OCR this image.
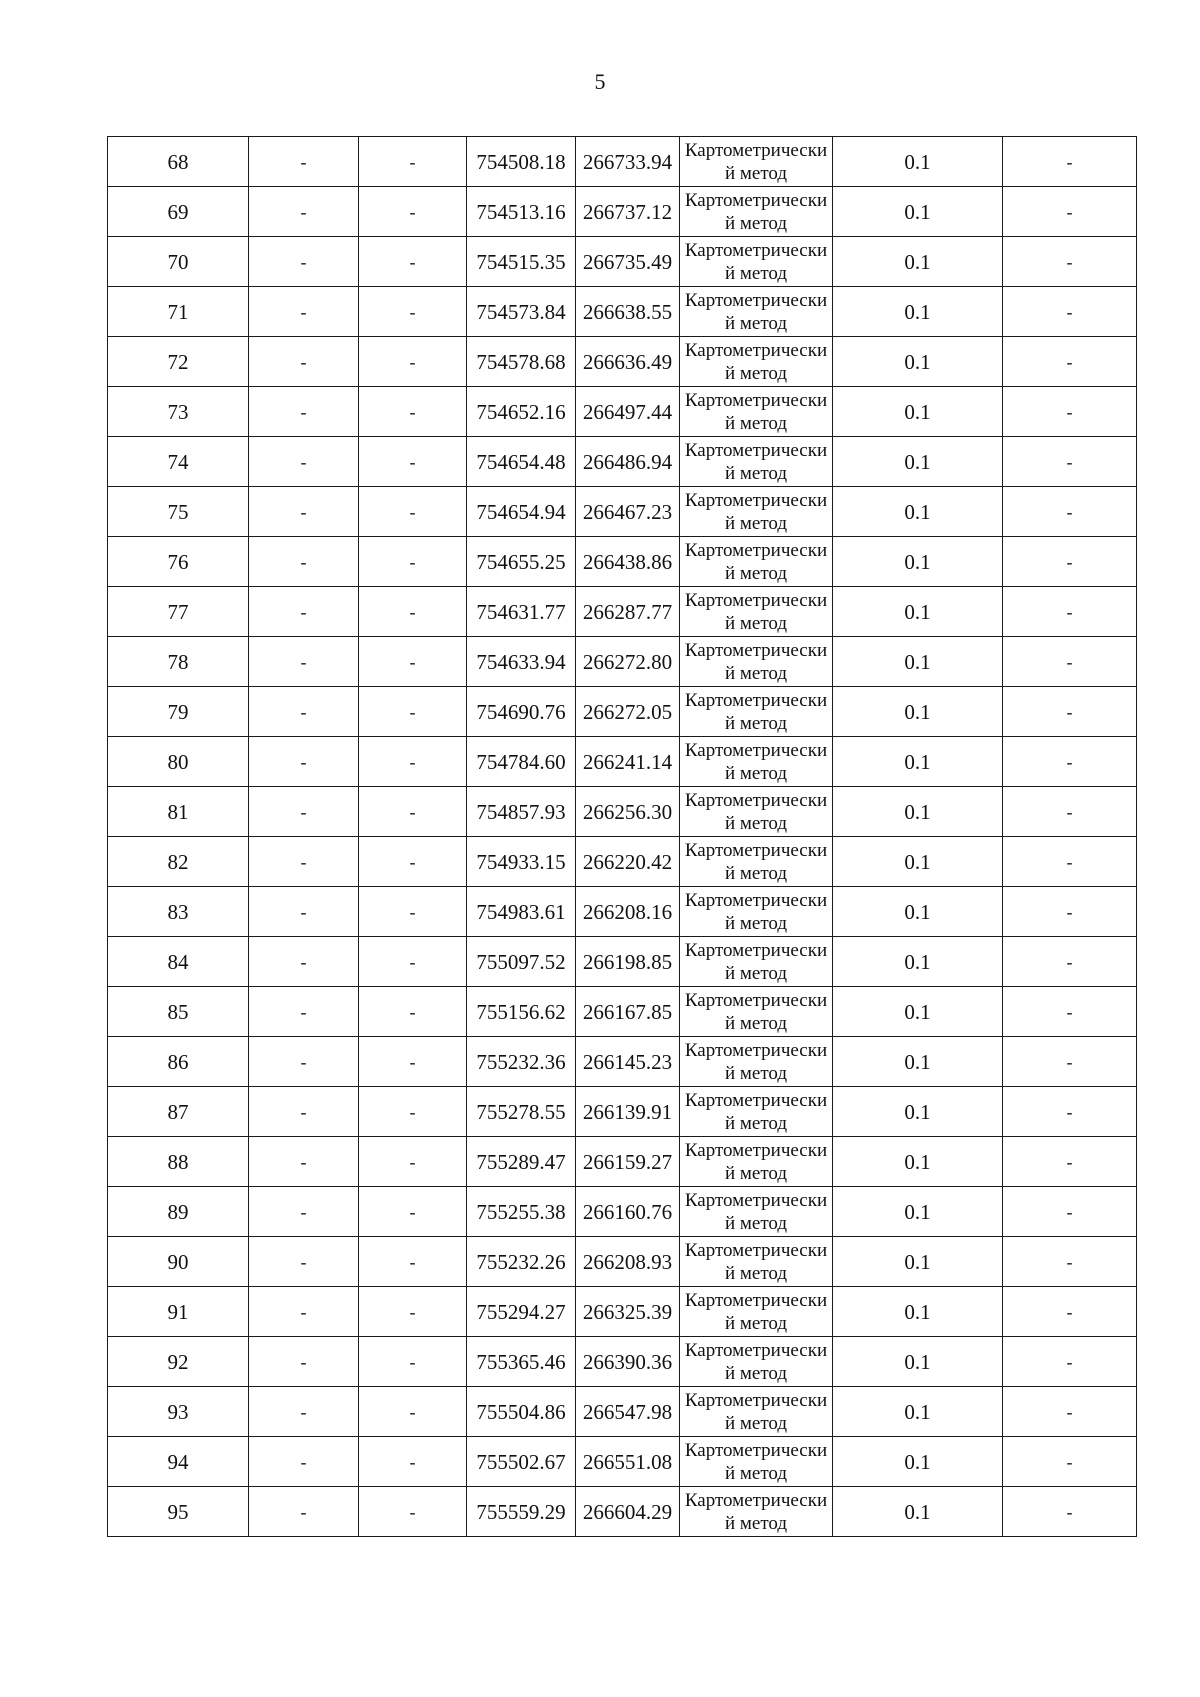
5
68	-	-	754508.18	266733.94	Картометрический метод	0.1	-
69	-	-	754513.16	266737.12	Картометрический метод	0.1	-
70	-	-	754515.35	266735.49	Картометрический метод	0.1	-
71	-	-	754573.84	266638.55	Картометрический метод	0.1	-
72	-	-	754578.68	266636.49	Картометрический метод	0.1	-
73	-	-	754652.16	266497.44	Картометрический метод	0.1	-
74	-	-	754654.48	266486.94	Картометрический метод	0.1	-
75	-	-	754654.94	266467.23	Картометрический метод	0.1	-
76	-	-	754655.25	266438.86	Картометрический метод	0.1	-
77	-	-	754631.77	266287.77	Картометрический метод	0.1	-
78	-	-	754633.94	266272.80	Картометрический метод	0.1	-
79	-	-	754690.76	266272.05	Картометрический метод	0.1	-
80	-	-	754784.60	266241.14	Картометрический метод	0.1	-
81	-	-	754857.93	266256.30	Картометрический метод	0.1	-
82	-	-	754933.15	266220.42	Картометрический метод	0.1	-
83	-	-	754983.61	266208.16	Картометрический метод	0.1	-
84	-	-	755097.52	266198.85	Картометрический метод	0.1	-
85	-	-	755156.62	266167.85	Картометрический метод	0.1	-
86	-	-	755232.36	266145.23	Картометрический метод	0.1	-
87	-	-	755278.55	266139.91	Картометрический метод	0.1	-
88	-	-	755289.47	266159.27	Картометрический метод	0.1	-
89	-	-	755255.38	266160.76	Картометрический метод	0.1	-
90	-	-	755232.26	266208.93	Картометрический метод	0.1	-
91	-	-	755294.27	266325.39	Картометрический метод	0.1	-
92	-	-	755365.46	266390.36	Картометрический метод	0.1	-
93	-	-	755504.86	266547.98	Картометрический метод	0.1	-
94	-	-	755502.67	266551.08	Картометрический метод	0.1	-
95	-	-	755559.29	266604.29	Картометрический метод	0.1	-
